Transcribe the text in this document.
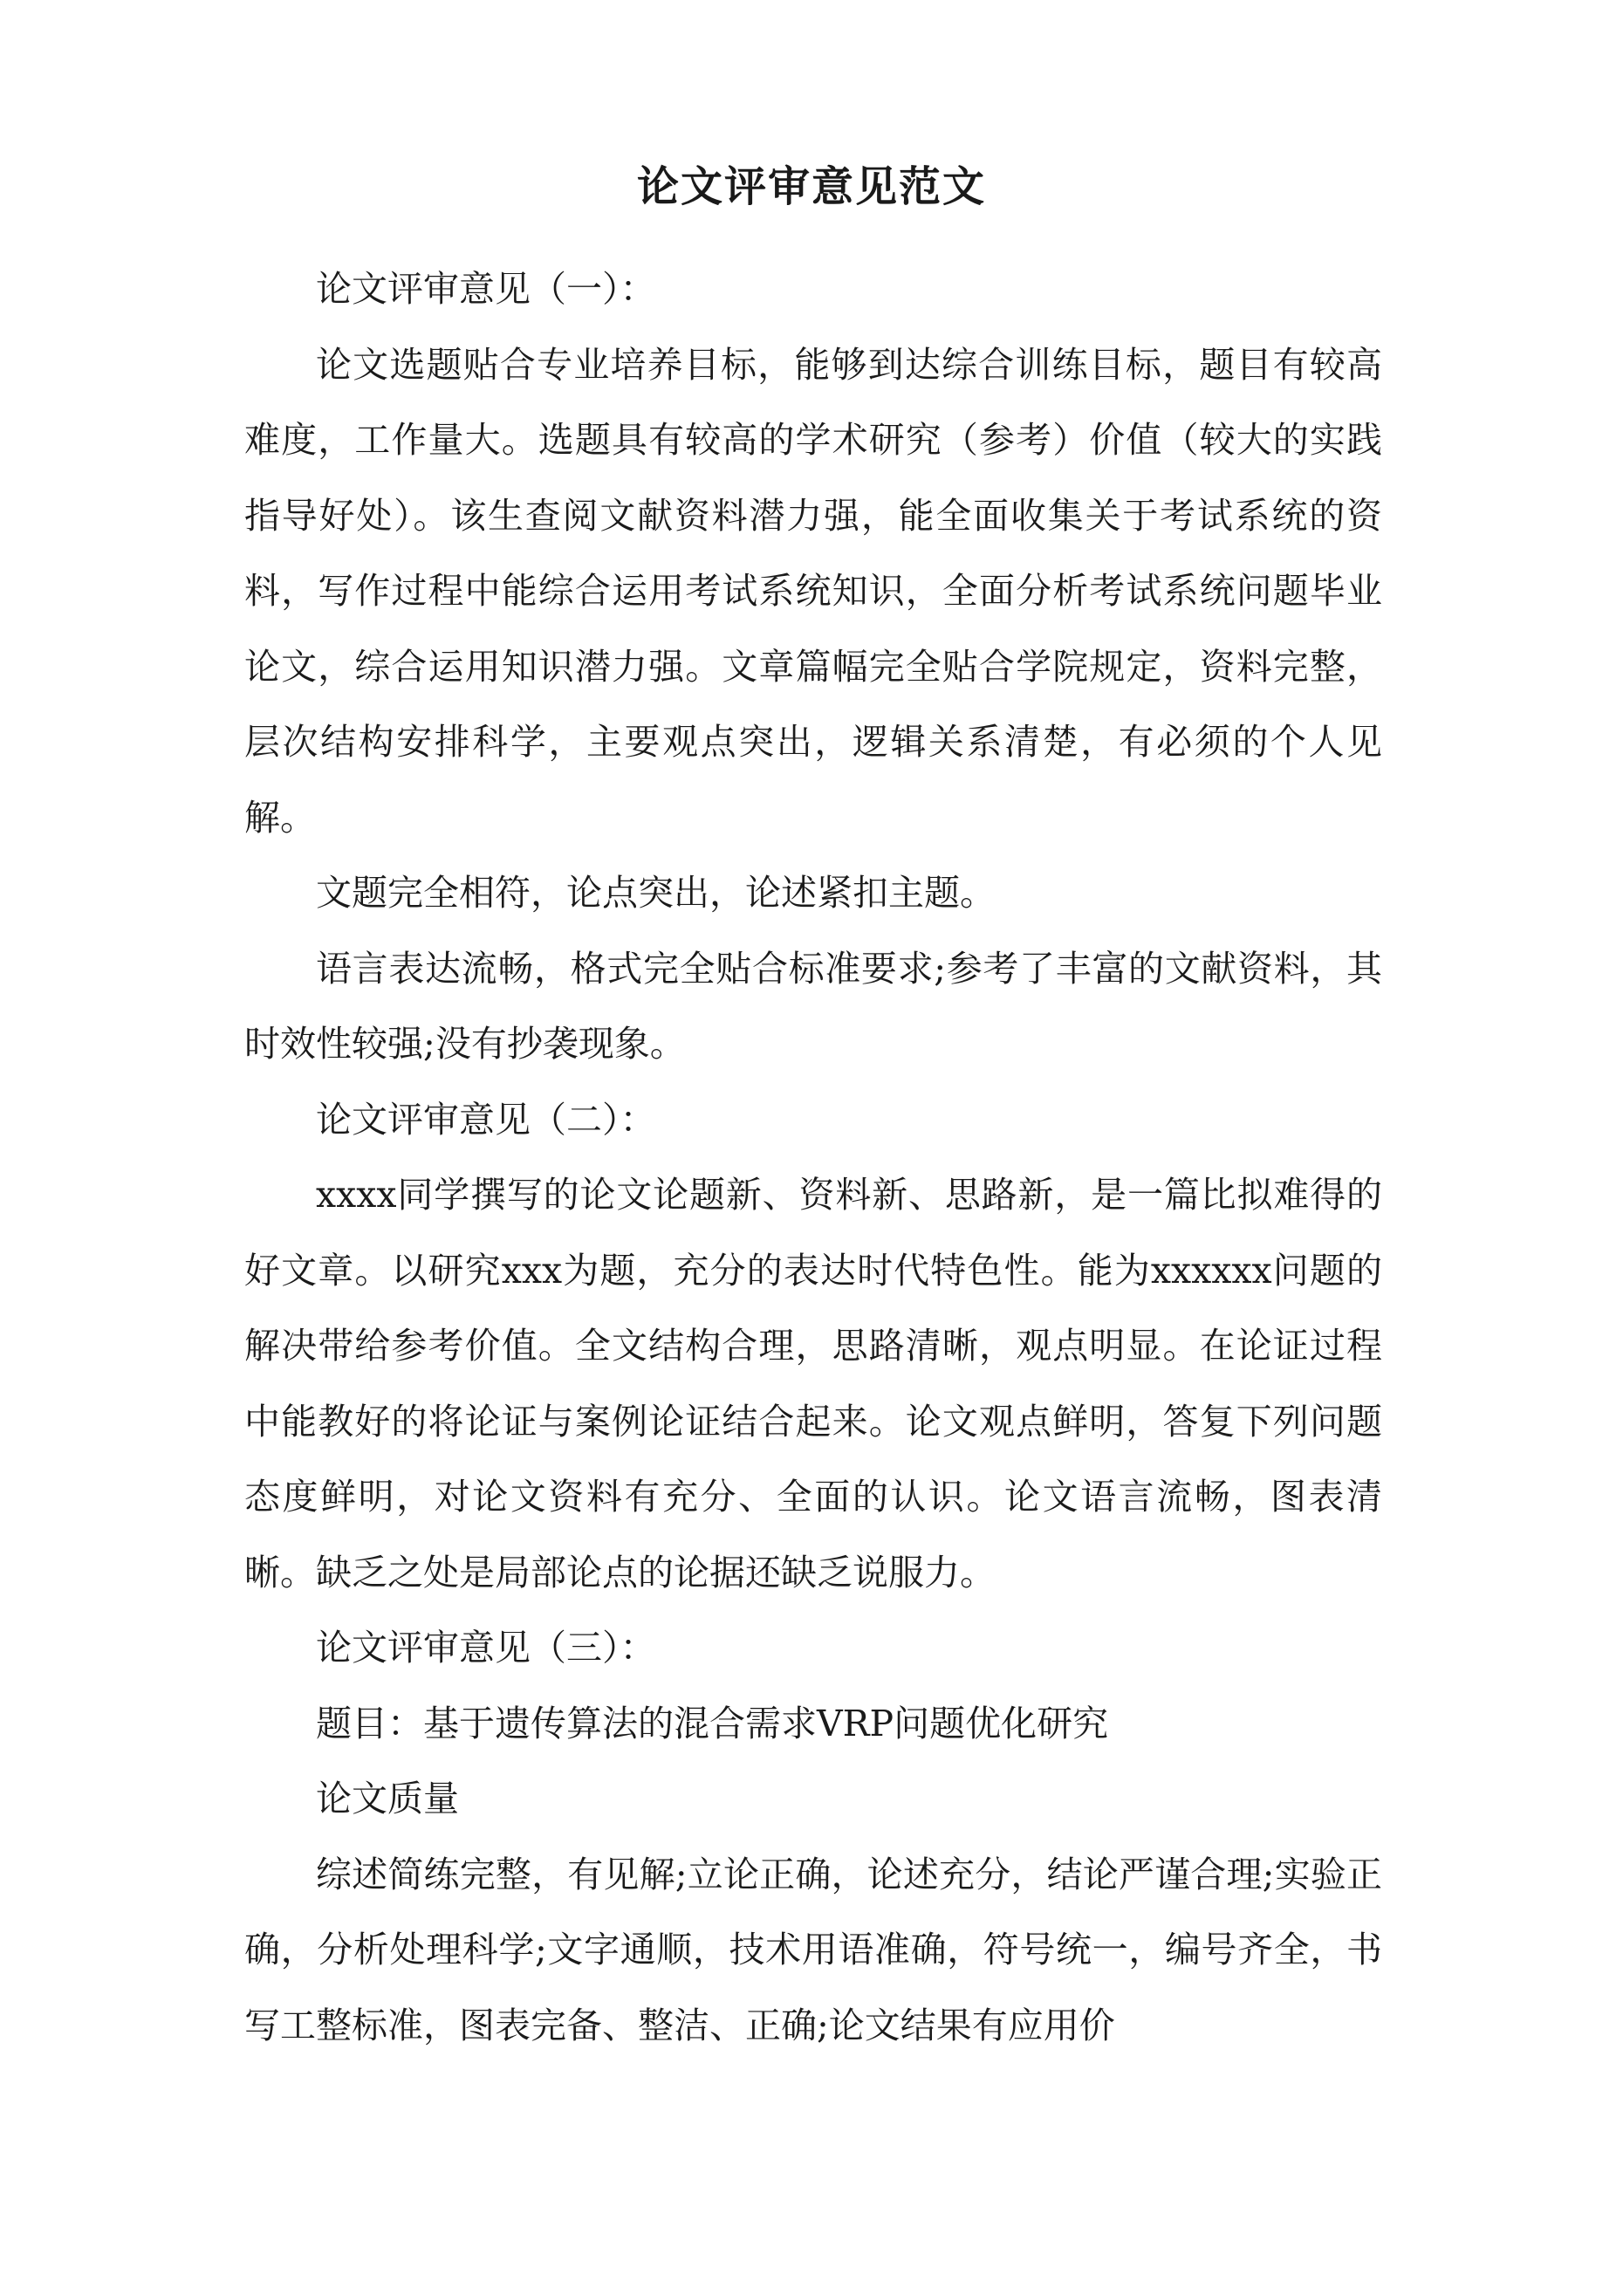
论文评审意见范文

论文评审意见（一）：

论文选题贴合专业培养目标，能够到达综合训练目标，题目有较高难度，工作量大。选题具有较高的学术研究（参考）价值（较大的实践指导好处）。该生查阅文献资料潜力强，能全面收集关于考试系统的资料，写作过程中能综合运用考试系统知识，全面分析考试系统问题毕业论文，综合运用知识潜力强。文章篇幅完全贴合学院规定，资料完整，层次结构安排科学，主要观点突出，逻辑关系清楚，有必须的个人见解。

文题完全相符，论点突出，论述紧扣主题。

语言表达流畅，格式完全贴合标准要求;参考了丰富的文献资料，其时效性较强;没有抄袭现象。

论文评审意见（二）：

xxxx同学撰写的论文论题新、资料新、思路新，是一篇比拟难得的好文章。以研究xxx为题，充分的表达时代特色性。能为xxxxxx问题的解决带给参考价值。全文结构合理，思路清晰，观点明显。在论证过程中能教好的将论证与案例论证结合起来。论文观点鲜明，答复下列问题态度鲜明，对论文资料有充分、全面的认识。论文语言流畅，图表清晰。缺乏之处是局部论点的论据还缺乏说服力。

论文评审意见（三）：

题目：基于遗传算法的混合需求VRP问题优化研究

论文质量

综述简练完整，有见解;立论正确，论述充分，结论严谨合理;实验正确，分析处理科学;文字通顺，技术用语准确，符号统一，编号齐全，书写工整标准，图表完备、整洁、正确;论文结果有应用价
